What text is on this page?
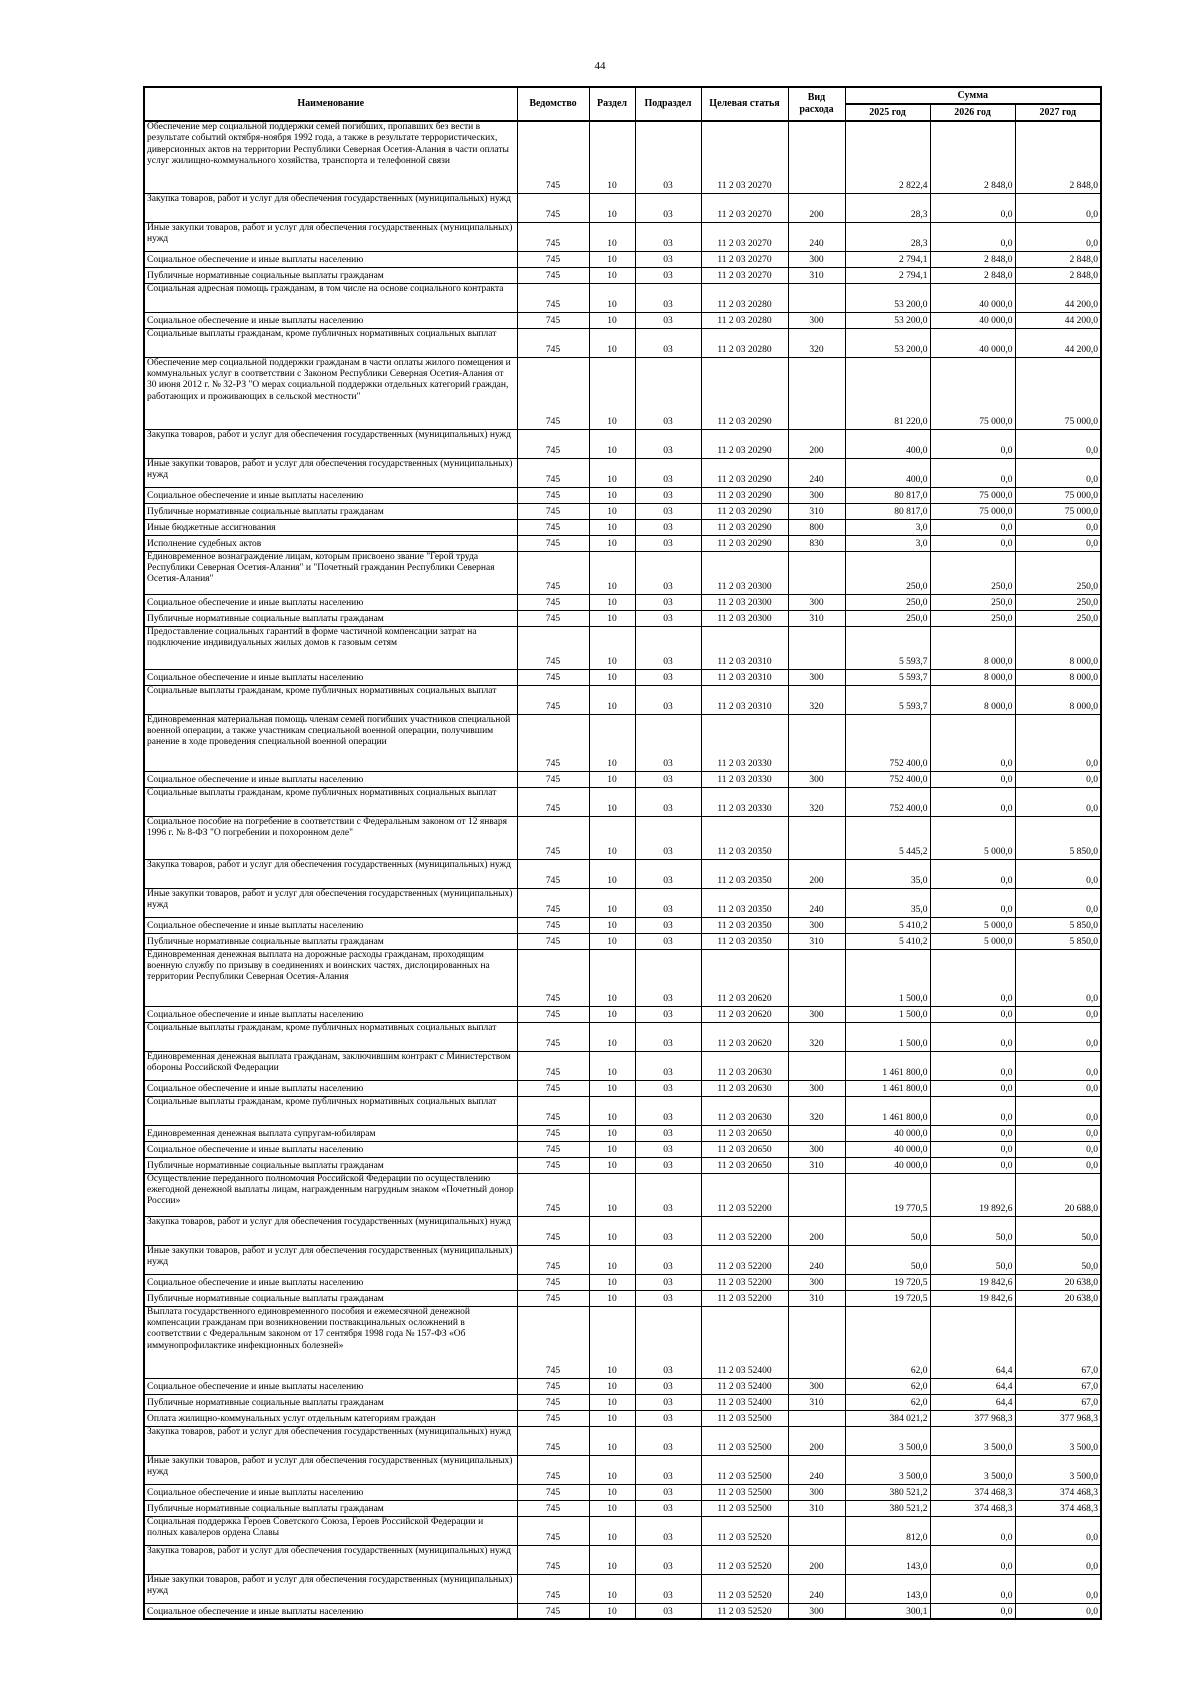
44
Наименование	Ведомство	Раздел	Подраздел	Целевая статья	Вид расхода	Сумма		
						2025 год	2026 год	2027 год
Обеспечение мер социальной поддержки семей погибших, пропавших без вести в результате событий октября-ноября 1992 года, а также в результате террористических, диверсионных актов на территории Республики Северная Осетия-Алания в части оплаты услуг жилищно-коммунального хозяйства, транспорта и телефонной связи	745	10	03	11 2 03 20270		2 822,4	2 848,0	2 848,0
Закупка товаров, работ и услуг для обеспечения государственных (муниципальных) нужд	745	10	03	11 2 03 20270	200	28,3	0,0	0,0
Иные закупки товаров, работ и услуг для обеспечения государственных (муниципальных) нужд	745	10	03	11 2 03 20270	240	28,3	0,0	0,0
Социальное обеспечение и иные выплаты населению	745	10	03	11 2 03 20270	300	2 794,1	2 848,0	2 848,0
Публичные нормативные социальные выплаты гражданам	745	10	03	11 2 03 20270	310	2 794,1	2 848,0	2 848,0
Социальная адресная помощь гражданам, в том числе на основе социального контракта	745	10	03	11 2 03 20280		53 200,0	40 000,0	44 200,0
Социальное обеспечение и иные выплаты населению	745	10	03	11 2 03 20280	300	53 200,0	40 000,0	44 200,0
Социальные выплаты гражданам, кроме публичных нормативных социальных выплат	745	10	03	11 2 03 20280	320	53 200,0	40 000,0	44 200,0
Обеспечение мер социальной поддержки гражданам в части оплаты жилого помещения и коммунальных услуг в соответствии с Законом Республики Северная Осетия-Алания от 30 июня 2012 г. № 32-РЗ "О мерах социальной поддержки отдельных категорий граждан, работающих и проживающих в сельской местности"	745	10	03	11 2 03 20290		81 220,0	75 000,0	75 000,0
Закупка товаров, работ и услуг для обеспечения государственных (муниципальных) нужд	745	10	03	11 2 03 20290	200	400,0	0,0	0,0
Иные закупки товаров, работ и услуг для обеспечения государственных (муниципальных) нужд	745	10	03	11 2 03 20290	240	400,0	0,0	0,0
Социальное обеспечение и иные выплаты населению	745	10	03	11 2 03 20290	300	80 817,0	75 000,0	75 000,0
Публичные нормативные социальные выплаты гражданам	745	10	03	11 2 03 20290	310	80 817,0	75 000,0	75 000,0
Иные бюджетные ассигнования	745	10	03	11 2 03 20290	800	3,0	0,0	0,0
Исполнение судебных актов	745	10	03	11 2 03 20290	830	3,0	0,0	0,0
Единовременное вознаграждение лицам, которым присвоено звание "Герой труда Республики Северная Осетия-Алания" и "Почетный гражданин Республики Северная Осетия-Алания"	745	10	03	11 2 03 20300		250,0	250,0	250,0
Социальное обеспечение и иные выплаты населению	745	10	03	11 2 03 20300	300	250,0	250,0	250,0
Публичные нормативные социальные выплаты гражданам	745	10	03	11 2 03 20300	310	250,0	250,0	250,0
Предоставление социальных гарантий в форме частичной компенсации затрат на подключение индивидуальных жилых домов к газовым сетям	745	10	03	11 2 03 20310		5 593,7	8 000,0	8 000,0
Социальное обеспечение и иные выплаты населению	745	10	03	11 2 03 20310	300	5 593,7	8 000,0	8 000,0
Социальные выплаты гражданам, кроме публичных нормативных социальных выплат	745	10	03	11 2 03 20310	320	5 593,7	8 000,0	8 000,0
Единовременная материальная помощь членам семей погибших участников специальной военной операции, а также участникам специальной военной операции, получившим ранение в ходе проведения специальной военной операции	745	10	03	11 2 03 20330		752 400,0	0,0	0,0
Социальное обеспечение и иные выплаты населению	745	10	03	11 2 03 20330	300	752 400,0	0,0	0,0
Социальные выплаты гражданам, кроме публичных нормативных социальных выплат	745	10	03	11 2 03 20330	320	752 400,0	0,0	0,0
Социальное пособие на погребение в соответствии с Федеральным законом от 12 января 1996 г. № 8-ФЗ "О погребении и похоронном деле"	745	10	03	11 2 03 20350		5 445,2	5 000,0	5 850,0
Закупка товаров, работ и услуг для обеспечения государственных (муниципальных) нужд	745	10	03	11 2 03 20350	200	35,0	0,0	0,0
Иные закупки товаров, работ и услуг для обеспечения государственных (муниципальных) нужд	745	10	03	11 2 03 20350	240	35,0	0,0	0,0
Социальное обеспечение и иные выплаты населению	745	10	03	11 2 03 20350	300	5 410,2	5 000,0	5 850,0
Публичные нормативные социальные выплаты гражданам	745	10	03	11 2 03 20350	310	5 410,2	5 000,0	5 850,0
Единовременная денежная выплата на дорожные расходы гражданам, проходящим военную службу по призыву в соединениях и воинских частях, дислоцированных на территории Республики Северная Осетия-Алания	745	10	03	11 2 03 20620		1 500,0	0,0	0,0
Социальное обеспечение и иные выплаты населению	745	10	03	11 2 03 20620	300	1 500,0	0,0	0,0
Социальные выплаты гражданам, кроме публичных нормативных социальных выплат	745	10	03	11 2 03 20620	320	1 500,0	0,0	0,0
Единовременная денежная выплата гражданам, заключившим контракт с Министерством обороны Российской Федерации	745	10	03	11 2 03 20630		1 461 800,0	0,0	0,0
Социальное обеспечение и иные выплаты населению	745	10	03	11 2 03 20630	300	1 461 800,0	0,0	0,0
Социальные выплаты гражданам, кроме публичных нормативных социальных выплат	745	10	03	11 2 03 20630	320	1 461 800,0	0,0	0,0
Единовременная денежная выплата супругам-юбилярам	745	10	03	11 2 03 20650		40 000,0	0,0	0,0
Социальное обеспечение и иные выплаты населению	745	10	03	11 2 03 20650	300	40 000,0	0,0	0,0
Публичные нормативные социальные выплаты гражданам	745	10	03	11 2 03 20650	310	40 000,0	0,0	0,0
Осуществление переданного полномочия Российской Федерации по осуществлению ежегодной денежной выплаты лицам, награжденным нагрудным знаком «Почетный донор России»	745	10	03	11 2 03 52200		19 770,5	19 892,6	20 688,0
Закупка товаров, работ и услуг для обеспечения государственных (муниципальных) нужд	745	10	03	11 2 03 52200	200	50,0	50,0	50,0
Иные закупки товаров, работ и услуг для обеспечения государственных (муниципальных) нужд	745	10	03	11 2 03 52200	240	50,0	50,0	50,0
Социальное обеспечение и иные выплаты населению	745	10	03	11 2 03 52200	300	19 720,5	19 842,6	20 638,0
Публичные нормативные социальные выплаты гражданам	745	10	03	11 2 03 52200	310	19 720,5	19 842,6	20 638,0
Выплата государственного единовременного пособия и ежемесячной денежной компенсации гражданам при возникновении поствакцинальных осложнений в соответствии с Федеральным законом от 17 сентября 1998 года № 157-ФЗ «Об иммунопрофилактике инфекционных болезней»	745	10	03	11 2 03 52400		62,0	64,4	67,0
Социальное обеспечение и иные выплаты населению	745	10	03	11 2 03 52400	300	62,0	64,4	67,0
Публичные нормативные социальные выплаты гражданам	745	10	03	11 2 03 52400	310	62,0	64,4	67,0
Оплата жилищно-коммунальных услуг отдельным категориям граждан	745	10	03	11 2 03 52500		384 021,2	377 968,3	377 968,3
Закупка товаров, работ и услуг для обеспечения государственных (муниципальных) нужд	745	10	03	11 2 03 52500	200	3 500,0	3 500,0	3 500,0
Иные закупки товаров, работ и услуг для обеспечения государственных (муниципальных) нужд	745	10	03	11 2 03 52500	240	3 500,0	3 500,0	3 500,0
Социальное обеспечение и иные выплаты населению	745	10	03	11 2 03 52500	300	380 521,2	374 468,3	374 468,3
Публичные нормативные социальные выплаты гражданам	745	10	03	11 2 03 52500	310	380 521,2	374 468,3	374 468,3
Социальная поддержка Героев Советского Союза, Героев Российской Федерации и полных кавалеров ордена Славы	745	10	03	11 2 03 52520		812,0	0,0	0,0
Закупка товаров, работ и услуг для обеспечения государственных (муниципальных) нужд	745	10	03	11 2 03 52520	200	143,0	0,0	0,0
Иные закупки товаров, работ и услуг для обеспечения государственных (муниципальных) нужд	745	10	03	11 2 03 52520	240	143,0	0,0	0,0
Социальное обеспечение и иные выплаты населению	745	10	03	11 2 03 52520	300	300,1	0,0	0,0
